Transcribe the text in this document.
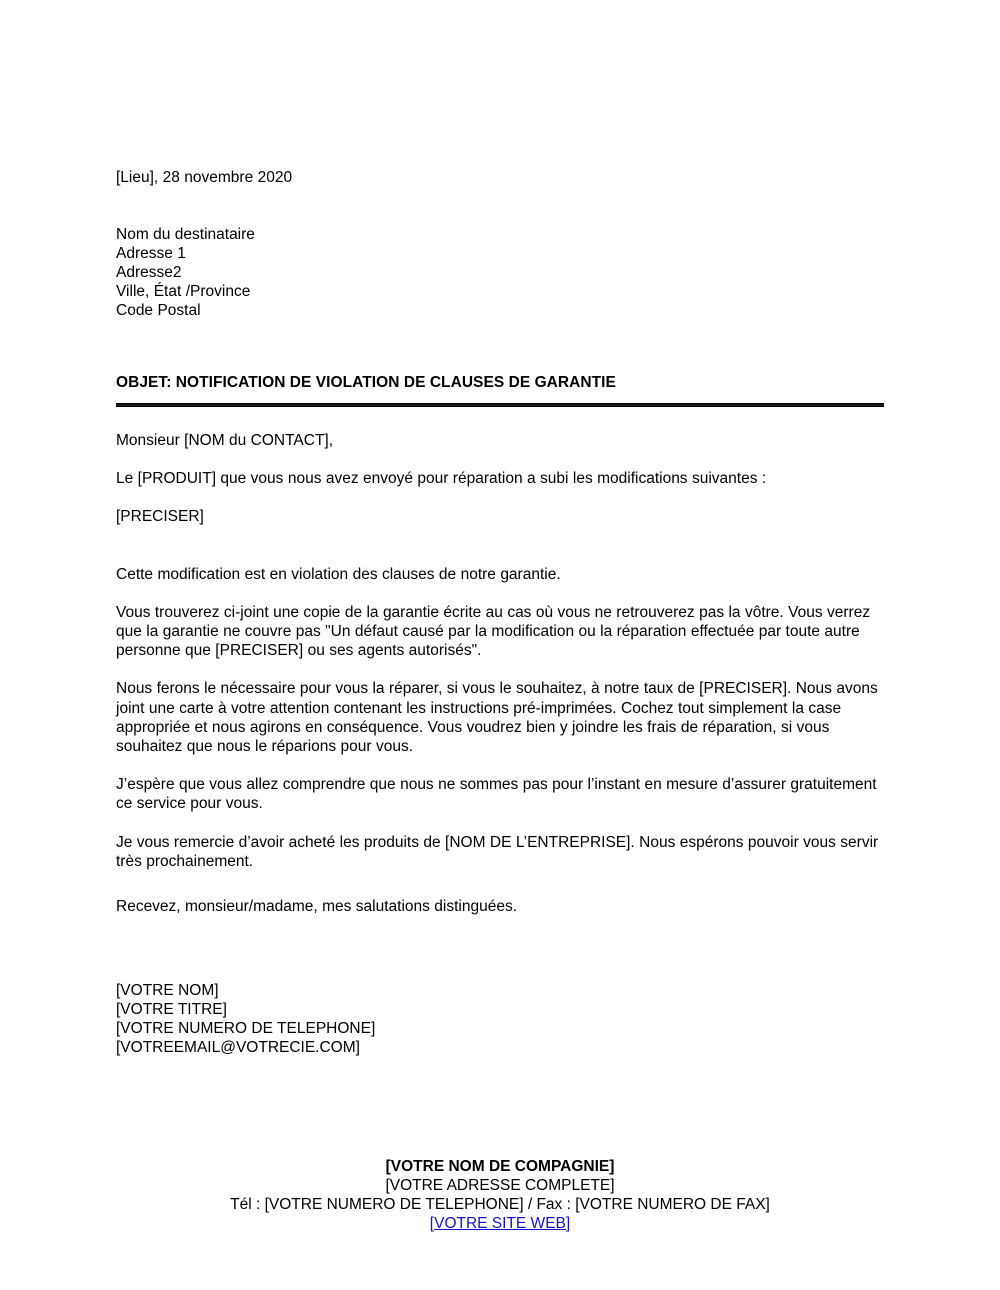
[Lieu], 28 novembre 2020
Nom du destinataire
Adresse 1
Adresse2
Ville, État /Province
Code Postal
OBJET: NOTIFICATION DE VIOLATION DE CLAUSES DE GARANTIE

Monsieur [NOM du CONTACT],

Le [PRODUIT] que vous nous avez envoyé pour réparation a subi les modifications suivantes :

[PRECISER]

Cette modification est en violation des clauses de notre garantie.

Vous trouverez ci-joint une copie de la garantie écrite au cas où vous ne retrouverez pas la vôtre. Vous verrez que la garantie ne couvre pas "Un défaut causé par la modification ou la réparation effectuée par toute autre personne que [PRECISER] ou ses agents autorisés".

Nous ferons le nécessaire pour vous la réparer, si vous le souhaitez, à notre taux de [PRECISER]. Nous avons joint une carte à votre attention contenant les instructions pré-imprimées. Cochez tout simplement la case appropriée et nous agirons en conséquence. Vous voudrez bien y joindre les frais de réparation, si vous souhaitez que nous le réparions pour vous.

J’espère que vous allez comprendre que nous ne sommes pas pour l’instant en mesure d’assurer gratuitement ce service pour vous.

Je vous remercie d’avoir acheté les produits de [NOM DE L’ENTREPRISE]. Nous espérons pouvoir vous servir très prochainement.

Recevez, monsieur/madame, mes salutations distinguées.

[VOTRE NOM]
[VOTRE TITRE]
[VOTRE NUMERO DE TELEPHONE]
[VOTREEMAIL@VOTRECIE.COM]
[VOTRE NOM DE COMPAGNIE]
[VOTRE ADRESSE COMPLETE]
Tél : [VOTRE NUMERO DE TELEPHONE] / Fax : [VOTRE NUMERO DE FAX]
[VOTRE SITE WEB]
